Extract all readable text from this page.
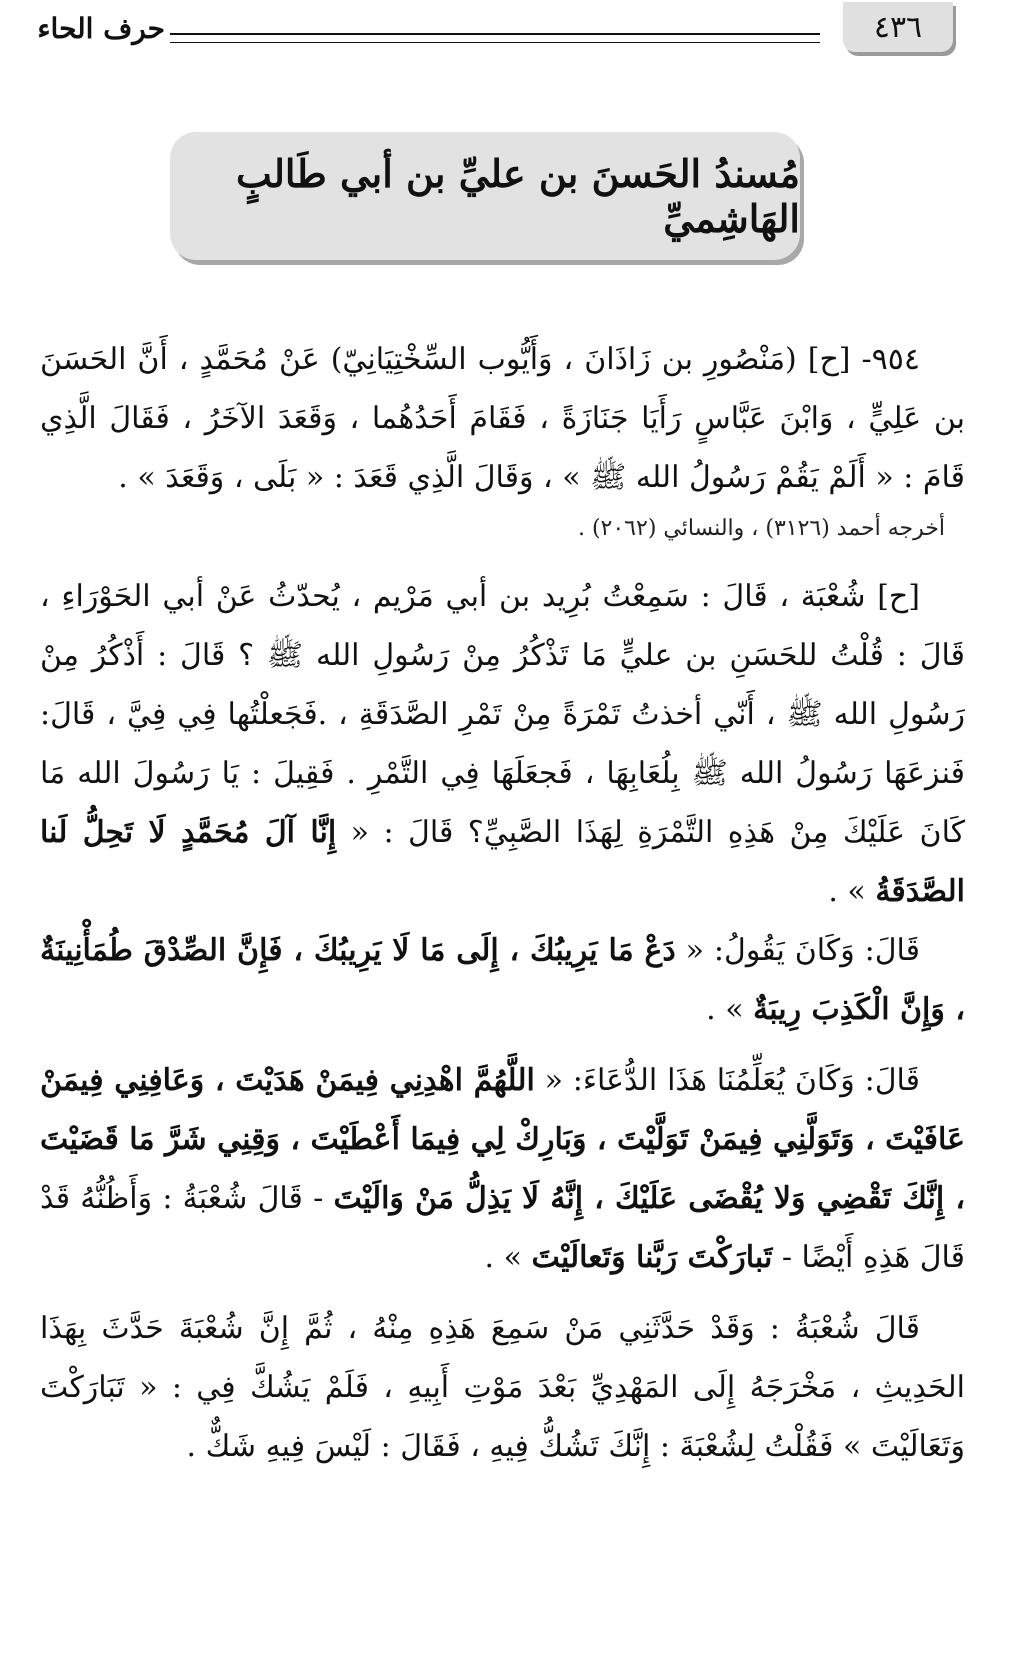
٤٣٦
حرف الحاء
مُسندُ الحَسنَ بن عليِّ بن أبي طَالبٍ الهَاشِميِّ

٩٥٤- [ح] (مَنْصُورِ بن زَاذَانَ ، وَأَيُّوب السِّخْتِيَانِيّ) عَنْ مُحَمَّدٍ ، أَنَّ الحَسَنَ بن عَلِيٍّ ، وَابْنَ عَبَّاسٍ رَأَيَا جَنَازَةً ، فَقَامَ أَحَدُهُما ، وَقَعَدَ الآخَرُ ، فَقَالَ الَّذِي قَامَ : « أَلَمْ يَقُمْ رَسُولُ الله ﷺ » ، وَقَالَ الَّذِي قَعَدَ : « بَلَى ، وَقَعَدَ » .

أخرجه أحمد (٣١٢٦) ، والنسائي (٢٠٦٢) .

[ح] شُعْبَة ، قَالَ : سَمِعْتُ بُرِيد بن أبي مَرْيم ، يُحدّثُ عَنْ أبي الحَوْرَاءِ ، قَالَ : قُلْتُ للحَسَنِ بن عليٍّ مَا تَذْكُرُ مِنْ رَسُولِ الله ﷺ ؟ قَالَ : أَذْكُرُ مِنْ رَسُولِ الله ﷺ ، أَنّي أخذتُ تَمْرَةً مِنْ تَمْرِ الصَّدَقَةِ ، .فَجَعلْتُها فِي فِيَّ ، قَالَ: فَنزعَهَا رَسُولُ الله ﷺ بِلُعَابِهَا ، فَجعَلَهَا فِي التَّمْرِ . فَقِيلَ : يَا رَسُولَ الله مَا كَانَ عَلَيْكَ مِنْ هَذِهِ التَّمْرَةِ لِهَذَا الصَّبِيِّ؟ قَالَ : « إِنَّا آلَ مُحَمَّدٍ لَا تَحِلُّ لَنا الصَّدَقَةُ » .

قَالَ: وَكَانَ يَقُولُ: « دَعْ مَا يَرِيبُكَ ، إِلَى مَا لَا يَرِيبُكَ ، فَإِنَّ الصِّدْقَ طُمَأْنِينَةٌ ، وَإِنَّ الْكَذِبَ رِيبَةٌ » .

قَالَ: وَكَانَ يُعَلِّمُنَا هَذَا الدُّعَاءَ: « اللَّهُمَّ اهْدِنِي فِيمَنْ هَدَيْتَ ، وَعَافِنِي فِيمَنْ عَافَيْتَ ، وَتَوَلَّنِي فِيمَنْ تَوَلَّيْتَ ، وَبَارِكْ لِي فِيمَا أَعْطَيْتَ ، وَقِنِي شَرَّ مَا قَضَيْتَ ، إِنَّكَ تَقْضِي وَلا يُقْضَى عَلَيْكَ ، إِنَّهُ لَا يَذِلُّ مَنْ وَالَيْتَ - قَالَ شُعْبَةُ : وَأَظُنُّهُ قَدْ قَالَ هَذِهِ أَيْضًا - تَبارَكْتَ رَبَّنا وَتَعالَيْتَ » .

قَالَ شُعْبَةُ : وَقَدْ حَدَّثَنِي مَنْ سَمِعَ هَذِهِ مِنْهُ ، ثُمَّ إِنَّ شُعْبَةَ حَدَّثَ بِهَذَا الحَدِيثِ ، مَخْرَجَهُ إِلَى المَهْدِيِّ بَعْدَ مَوْتِ أَبِيهِ ، فَلَمْ يَشُكَّ فِي : « تَبَارَكْتَ وَتَعَالَيْتَ » فَقُلْتُ لِشُعْبَةَ : إِنَّكَ تَشُكُّ فِيهِ ، فَقَالَ : لَيْسَ فِيهِ شَكٌّ .
